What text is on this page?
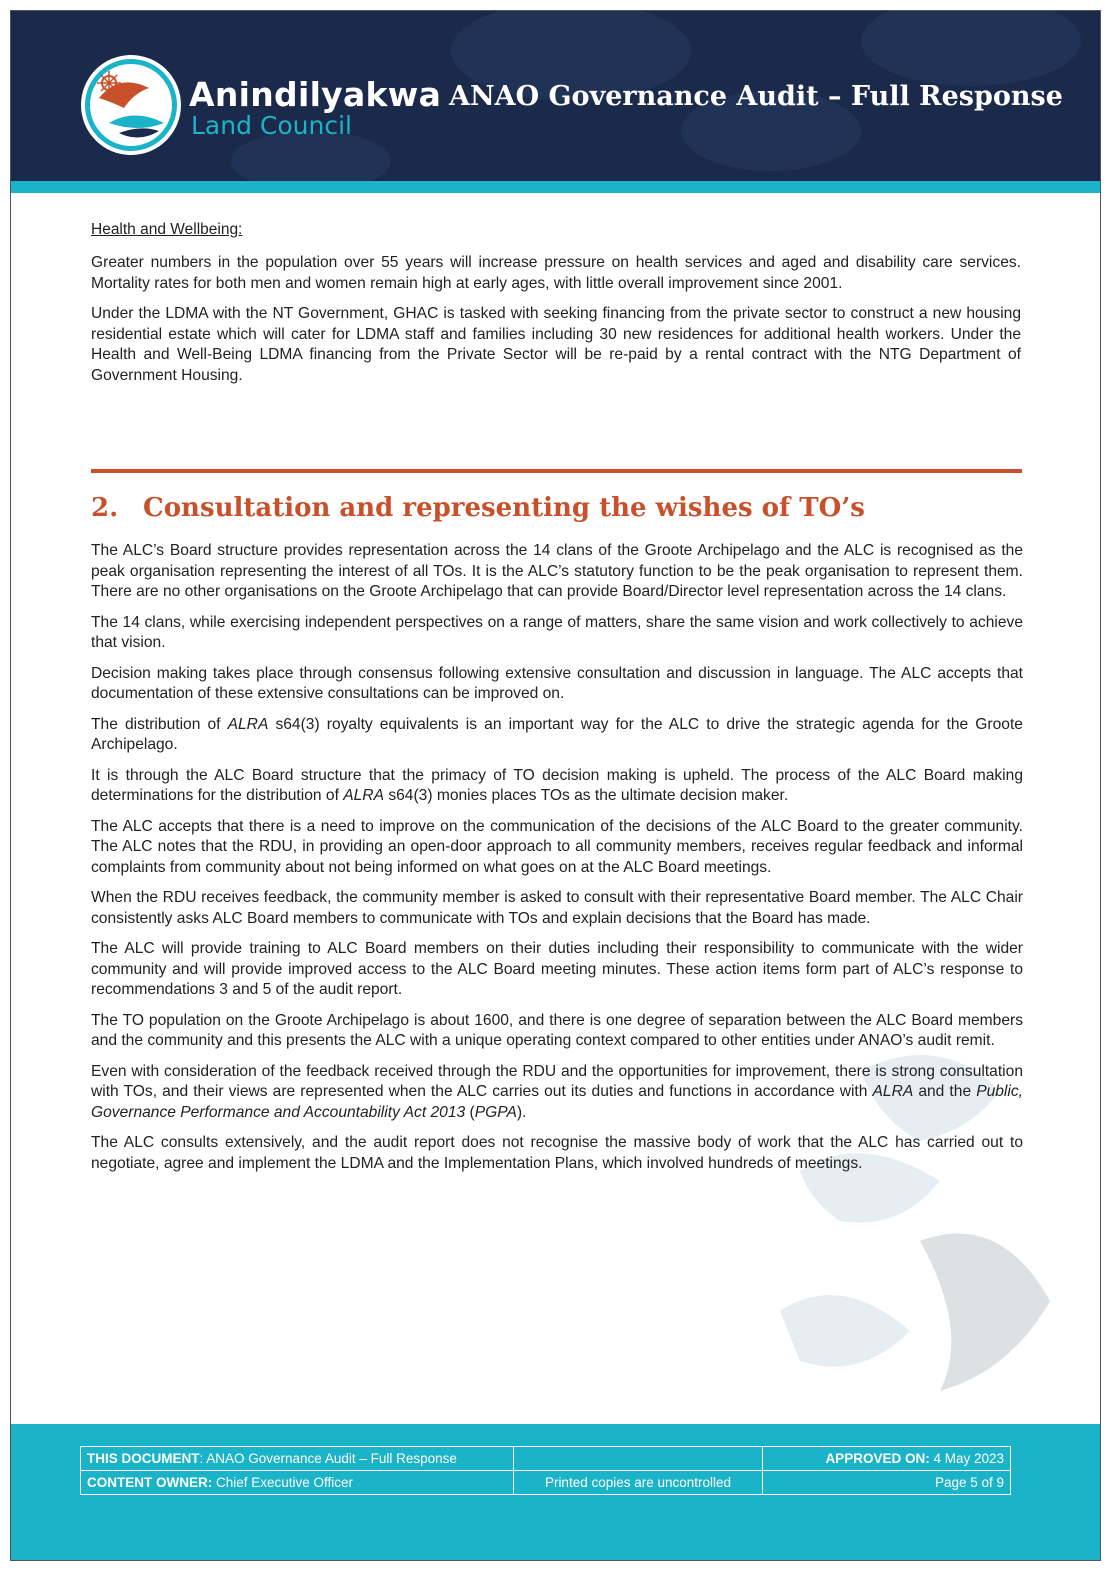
Anindilyakwa
Land Council
ANAO Governance Audit – Full Response
Health and Wellbeing:

Greater numbers in the population over 55 years will increase pressure on health services and aged and disability care services. Mortality rates for both men and women remain high at early ages, with little overall improvement since 2001.

Under the LDMA with the NT Government, GHAC is tasked with seeking financing from the private sector to construct a new housing residential estate which will cater for LDMA staff and families including 30 new residences for additional health workers. Under the Health and Well-Being LDMA financing from the Private Sector will be re-paid by a rental contract with the NTG Department of Government Housing.

2. Consultation and representing the wishes of TO’s

The ALC’s Board structure provides representation across the 14 clans of the Groote Archipelago and the ALC is recognised as the peak organisation representing the interest of all TOs. It is the ALC’s statutory function to be the peak organisation to represent them. There are no other organisations on the Groote Archipelago that can provide Board/Director level representation across the 14 clans.

The 14 clans, while exercising independent perspectives on a range of matters, share the same vision and work collectively to achieve that vision.

Decision making takes place through consensus following extensive consultation and discussion in language. The ALC accepts that documentation of these extensive consultations can be improved on.

The distribution of ALRA s64(3) royalty equivalents is an important way for the ALC to drive the strategic agenda for the Groote Archipelago.

It is through the ALC Board structure that the primacy of TO decision making is upheld. The process of the ALC Board making determinations for the distribution of ALRA s64(3) monies places TOs as the ultimate decision maker.

The ALC accepts that there is a need to improve on the communication of the decisions of the ALC Board to the greater community. The ALC notes that the RDU, in providing an open-door approach to all community members, receives regular feedback and informal complaints from community about not being informed on what goes on at the ALC Board meetings.

When the RDU receives feedback, the community member is asked to consult with their representative Board member. The ALC Chair consistently asks ALC Board members to communicate with TOs and explain decisions that the Board has made.

The ALC will provide training to ALC Board members on their duties including their responsibility to communicate with the wider community and will provide improved access to the ALC Board meeting minutes. These action items form part of ALC’s response to recommendations 3 and 5 of the audit report.

The TO population on the Groote Archipelago is about 1600, and there is one degree of separation between the ALC Board members and the community and this presents the ALC with a unique operating context compared to other entities under ANAO’s audit remit.

Even with consideration of the feedback received through the RDU and the opportunities for improvement, there is strong consultation with TOs, and their views are represented when the ALC carries out its duties and functions in accordance with ALRA and the Public, Governance Performance and Accountability Act 2013 (PGPA).

The ALC consults extensively, and the audit report does not recognise the massive body of work that the ALC has carried out to negotiate, agree and implement the LDMA and the Implementation Plans, which involved hundreds of meetings.

THIS DOCUMENT: ANAO Governance Audit – Full Response		APPROVED ON: 4 May 2023
CONTENT OWNER: Chief Executive Officer	Printed copies are uncontrolled	Page 5 of 9
